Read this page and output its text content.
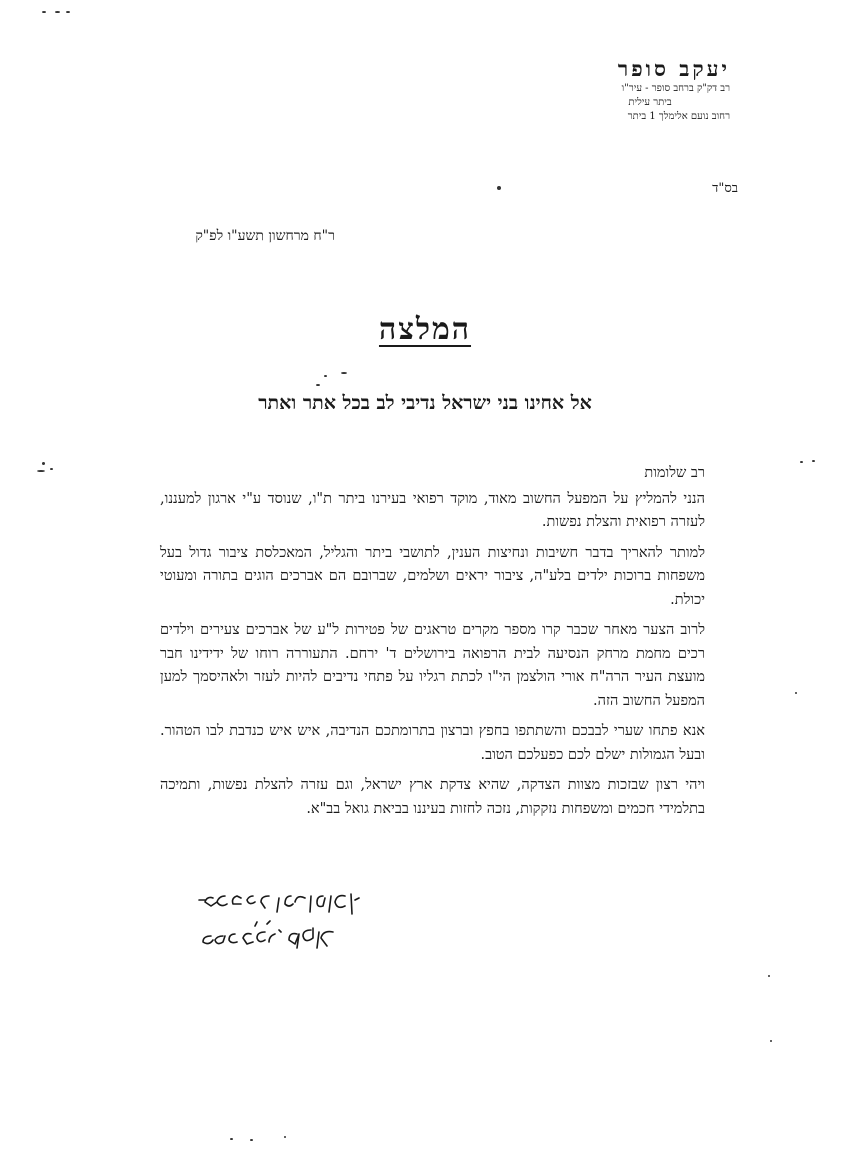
יעקב סופר
רב דק"ק ברחב סופר - עיר"ו
ביתר עילית
רחוב נועם אלימלך 1 ביתר
בס"ד
ר"ח מרחשון תשע"ו לפ"ק
המלצה
אל אחינו בני ישראל נדיבי לב בכל אתר ואתר

רב שלומות

הנני להמליץ על המפעל החשוב מאוד, מוקד רפואי בעירנו ביתר ת"ו, שנוסד ע"י ארגון למעננו, לעזרה רפואית והצלת נפשות.

למותר להאריך בדבר חשיבות ונחיצות הענין, לתושבי ביתר והגליל, המאכלסת ציבור גדול בעל משפחות ברוכות ילדים בלע"ה, ציבור יראים ושלמים, שברובם הם אברכים הוגים בתורה ומעוטי יכולת.

לרוב הצער מאחר שכבר קרו מספר מקרים טראגים של פטירות ל"ע של אברכים צעירים וילדים רכים מחמת מרחק הנסיעה לבית הרפואה בירושלים ד' ירחם. התעוררה רוחו של ידידינו חבר מועצת העיר הרה"ח אורי הולצמן הי"ו לכתת רגליו על פתחי נדיבים להיות לעזר ולאהיסמך למען המפעל החשוב הזה.

אנא פתחו שערי לבבכם והשתתפו בחפץ וברצון בתרומתכם הנדיבה, איש איש כנדבת לבו הטהור. ובעל הגמולות ישלם לכם כפעלכם הטוב.

ויהי רצון שבזכות מצוות הצדקה, שהיא צדקת ארץ ישראל, וגם עזרה להצלת נפשות, ותמיכה בתלמידי חכמים ומשפחות נזקקות, נזכה לחזות בעיננו בביאת גואל בב"א.
